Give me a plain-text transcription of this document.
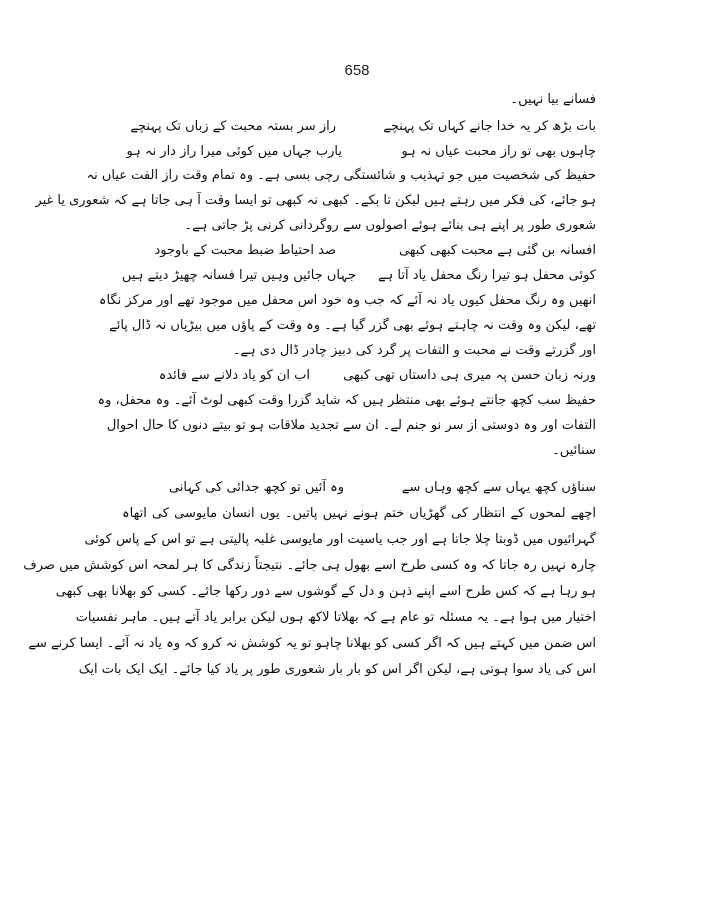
658
فسانے بیا نہیں۔
راز سر بستہ محبت کے زباں تک پہنچے	بات بڑھ کر یہ خدا جانے کہاں تک پہنچے
یارب جہاں میں کوئی میرا راز دار نہ ہو	چاہوں بھی تو راز محبت عیاں نہ ہو
حفیظ کی شخصیت میں جو تہذیب و شائستگی رچی بسی ہے۔ وہ تمام وقت راز الفت عیاں نہ
ہو جائے، کی فکر میں رہتے ہیں لیکن تا بکے۔ کبھی نہ کبھی تو ایسا وقت آ ہی جاتا ہے کہ شعوری یا غیر
شعوری طور پر اپنے ہی بنائے ہوئے اصولوں سے روگردانی کرنی پڑ جاتی ہے۔
صد احتیاط ضبط محبت کے باوجود	افسانہ بن گئی ہے محبت کبھی کبھی
جہاں جائیں وہیں تیرا فسانہ چھیڑ دیتے ہیں کوئی محفل ہو تیرا رنگ محفل یاد آتا ہے
انھیں وہ رنگ محفل کیوں یاد نہ آئے کہ جب وہ خود اس محفل میں موجود تھے اور مرکز نگاہ
تھے، لیکن وہ وقت نہ چاہتے ہوئے بھی گزر گیا ہے۔ وہ وقت کے پاؤں میں بیڑیاں نہ ڈال پائے
اور گزرتے وقت نے محبت و التفات پر گرد کی دبیز چادر ڈال دی ہے۔
اب ان کو یاد دلانے سے فائدہ	ورنہ زبان حسن پہ میری ہی داستاں تھی کبھی
حفیظ سب کچھ جانتے ہوئے بھی منتظر ہیں کہ شاید گزرا وقت کبھی لوٹ آئے۔ وہ محفل، وہ
التفات اور وہ دوستی از سر نو جنم لے۔ ان سے تجدید ملاقات ہو تو بیتے دنوں کا حال احوال
سنائیں۔
وہ آئیں تو کچھ جدائی کی کہانی	سناؤں کچھ یہاں سے کچھ وہاں سے
اچھے لمحوں کے انتظار کی گھڑیاں ختم ہونے نہیں پاتیں۔ یوں انسان مایوسی کی اتھاہ
گہرائیوں میں ڈوبتا چلا جاتا ہے اور جب یاسیت اور مایوسی غلبہ پالیتی ہے تو اس کے پاس کوئی
چارہ نہیں رہ جاتا کہ وہ کسی طرح اسے بھول ہی جائے۔ نتیجتاً زندگی کا ہر لمحہ اس کوشش میں صرف
ہو رہا ہے کہ کس طرح اسے اپنے ذہن و دل کے گوشوں سے دور رکھا جائے۔ کسی کو بھلانا بھی کبھی
اختیار میں ہوا ہے۔ یہ مسئلہ تو عام ہے کہ بھلاتا لاکھ ہوں لیکن برابر یاد آتے ہیں۔ ماہر نفسیات
اس ضمن میں کہتے ہیں کہ اگر کسی کو بھلانا چاہو تو یہ کوشش نہ کرو کہ وہ یاد نہ آئے۔ ایسا کرنے سے
اس کی یاد سوا ہوتی ہے، لیکن اگر اس کو بار بار شعوری طور پر یاد کیا جائے۔ ایک ایک بات ایک
